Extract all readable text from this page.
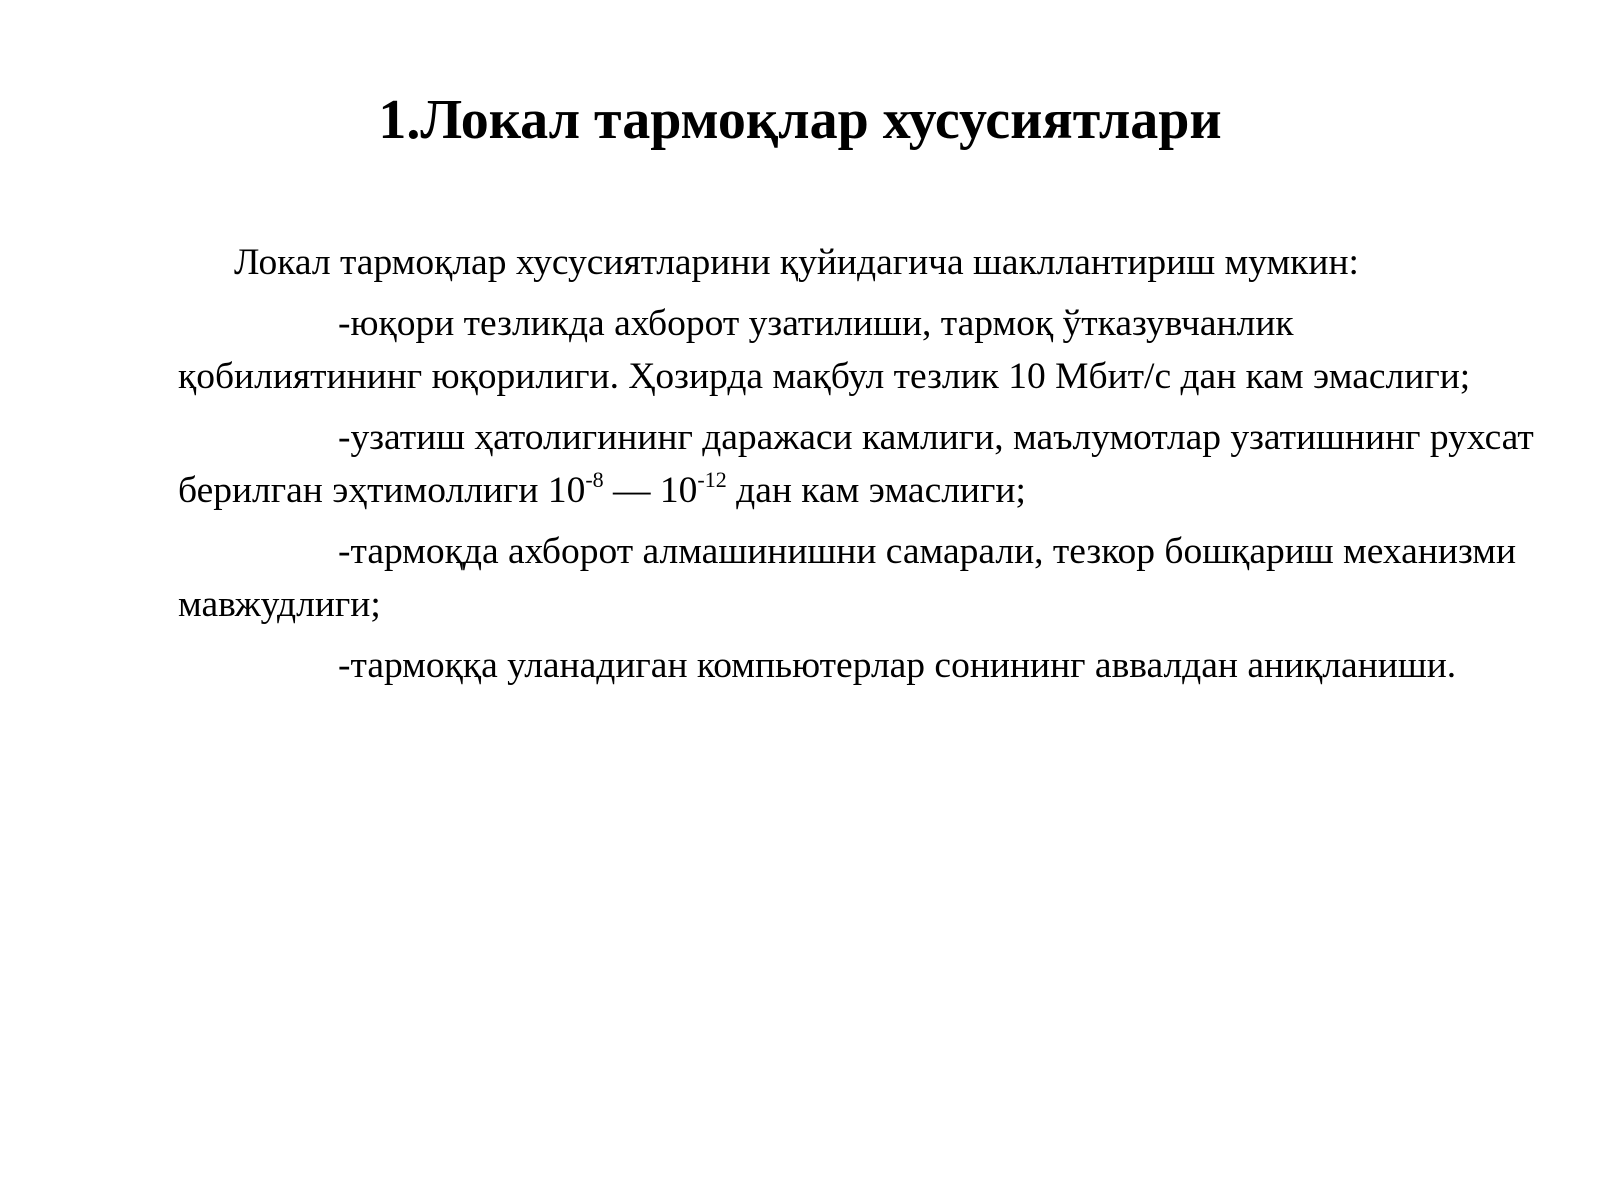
1.Локал тармоқлар хусусиятлари

Локал тармоқлар хусусиятларини қуйидагича шакллантириш мумкин:

-юқори тезликда ахборот узатилиши, тармоқ ўтказувчанлик қобилиятининг юқорилиги. Ҳозирда мақбул тезлик 10 Мбит/с дан кам эмаслиги;

-узатиш ҳатолигининг даражаси камлиги, маълумотлар узатишнинг рухсат берилган эҳтимоллиги $10^{-8}$ — $10^{-12}$ дан кам эмаслиги;

-тармоқда ахборот алмашинишни самарали, тезкор бошқариш механизми мавжудлиги;

-тармоққа уланадиган компьютерлар сонининг аввалдан аниқланиши.
